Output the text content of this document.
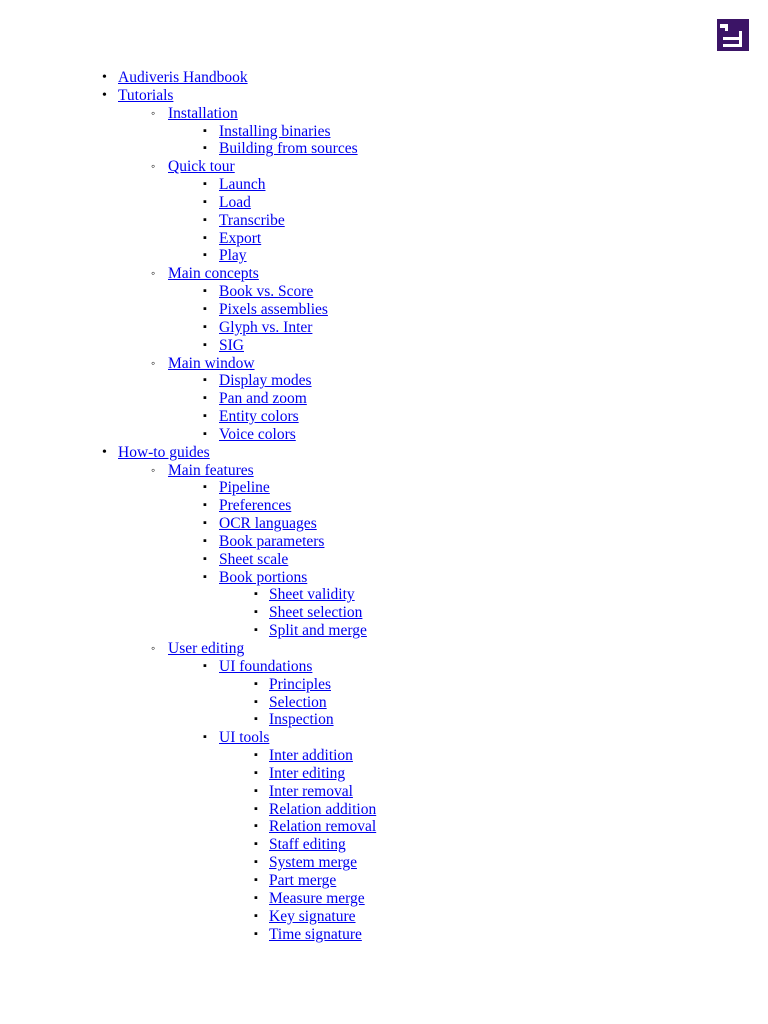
• Audiveris Handbook
• Tutorials
◦ Installation
▪ Installing binaries
▪ Building from sources
◦ Quick tour
▪ Launch
▪ Load
▪ Transcribe
▪ Export
▪ Play
◦ Main concepts
▪ Book vs. Score
▪ Pixels assemblies
▪ Glyph vs. Inter
▪ SIG
◦ Main window
▪ Display modes
▪ Pan and zoom
▪ Entity colors
▪ Voice colors
• How-to guides
◦ Main features
▪ Pipeline
▪ Preferences
▪ OCR languages
▪ Book parameters
▪ Sheet scale
▪ Book portions
▪ Sheet validity
▪ Sheet selection
▪ Split and merge
◦ User editing
▪ UI foundations
▪ Principles
▪ Selection
▪ Inspection
▪ UI tools
▪ Inter addition
▪ Inter editing
▪ Inter removal
▪ Relation addition
▪ Relation removal
▪ Staff editing
▪ System merge
▪ Part merge
▪ Measure merge
▪ Key signature
▪ Time signature
